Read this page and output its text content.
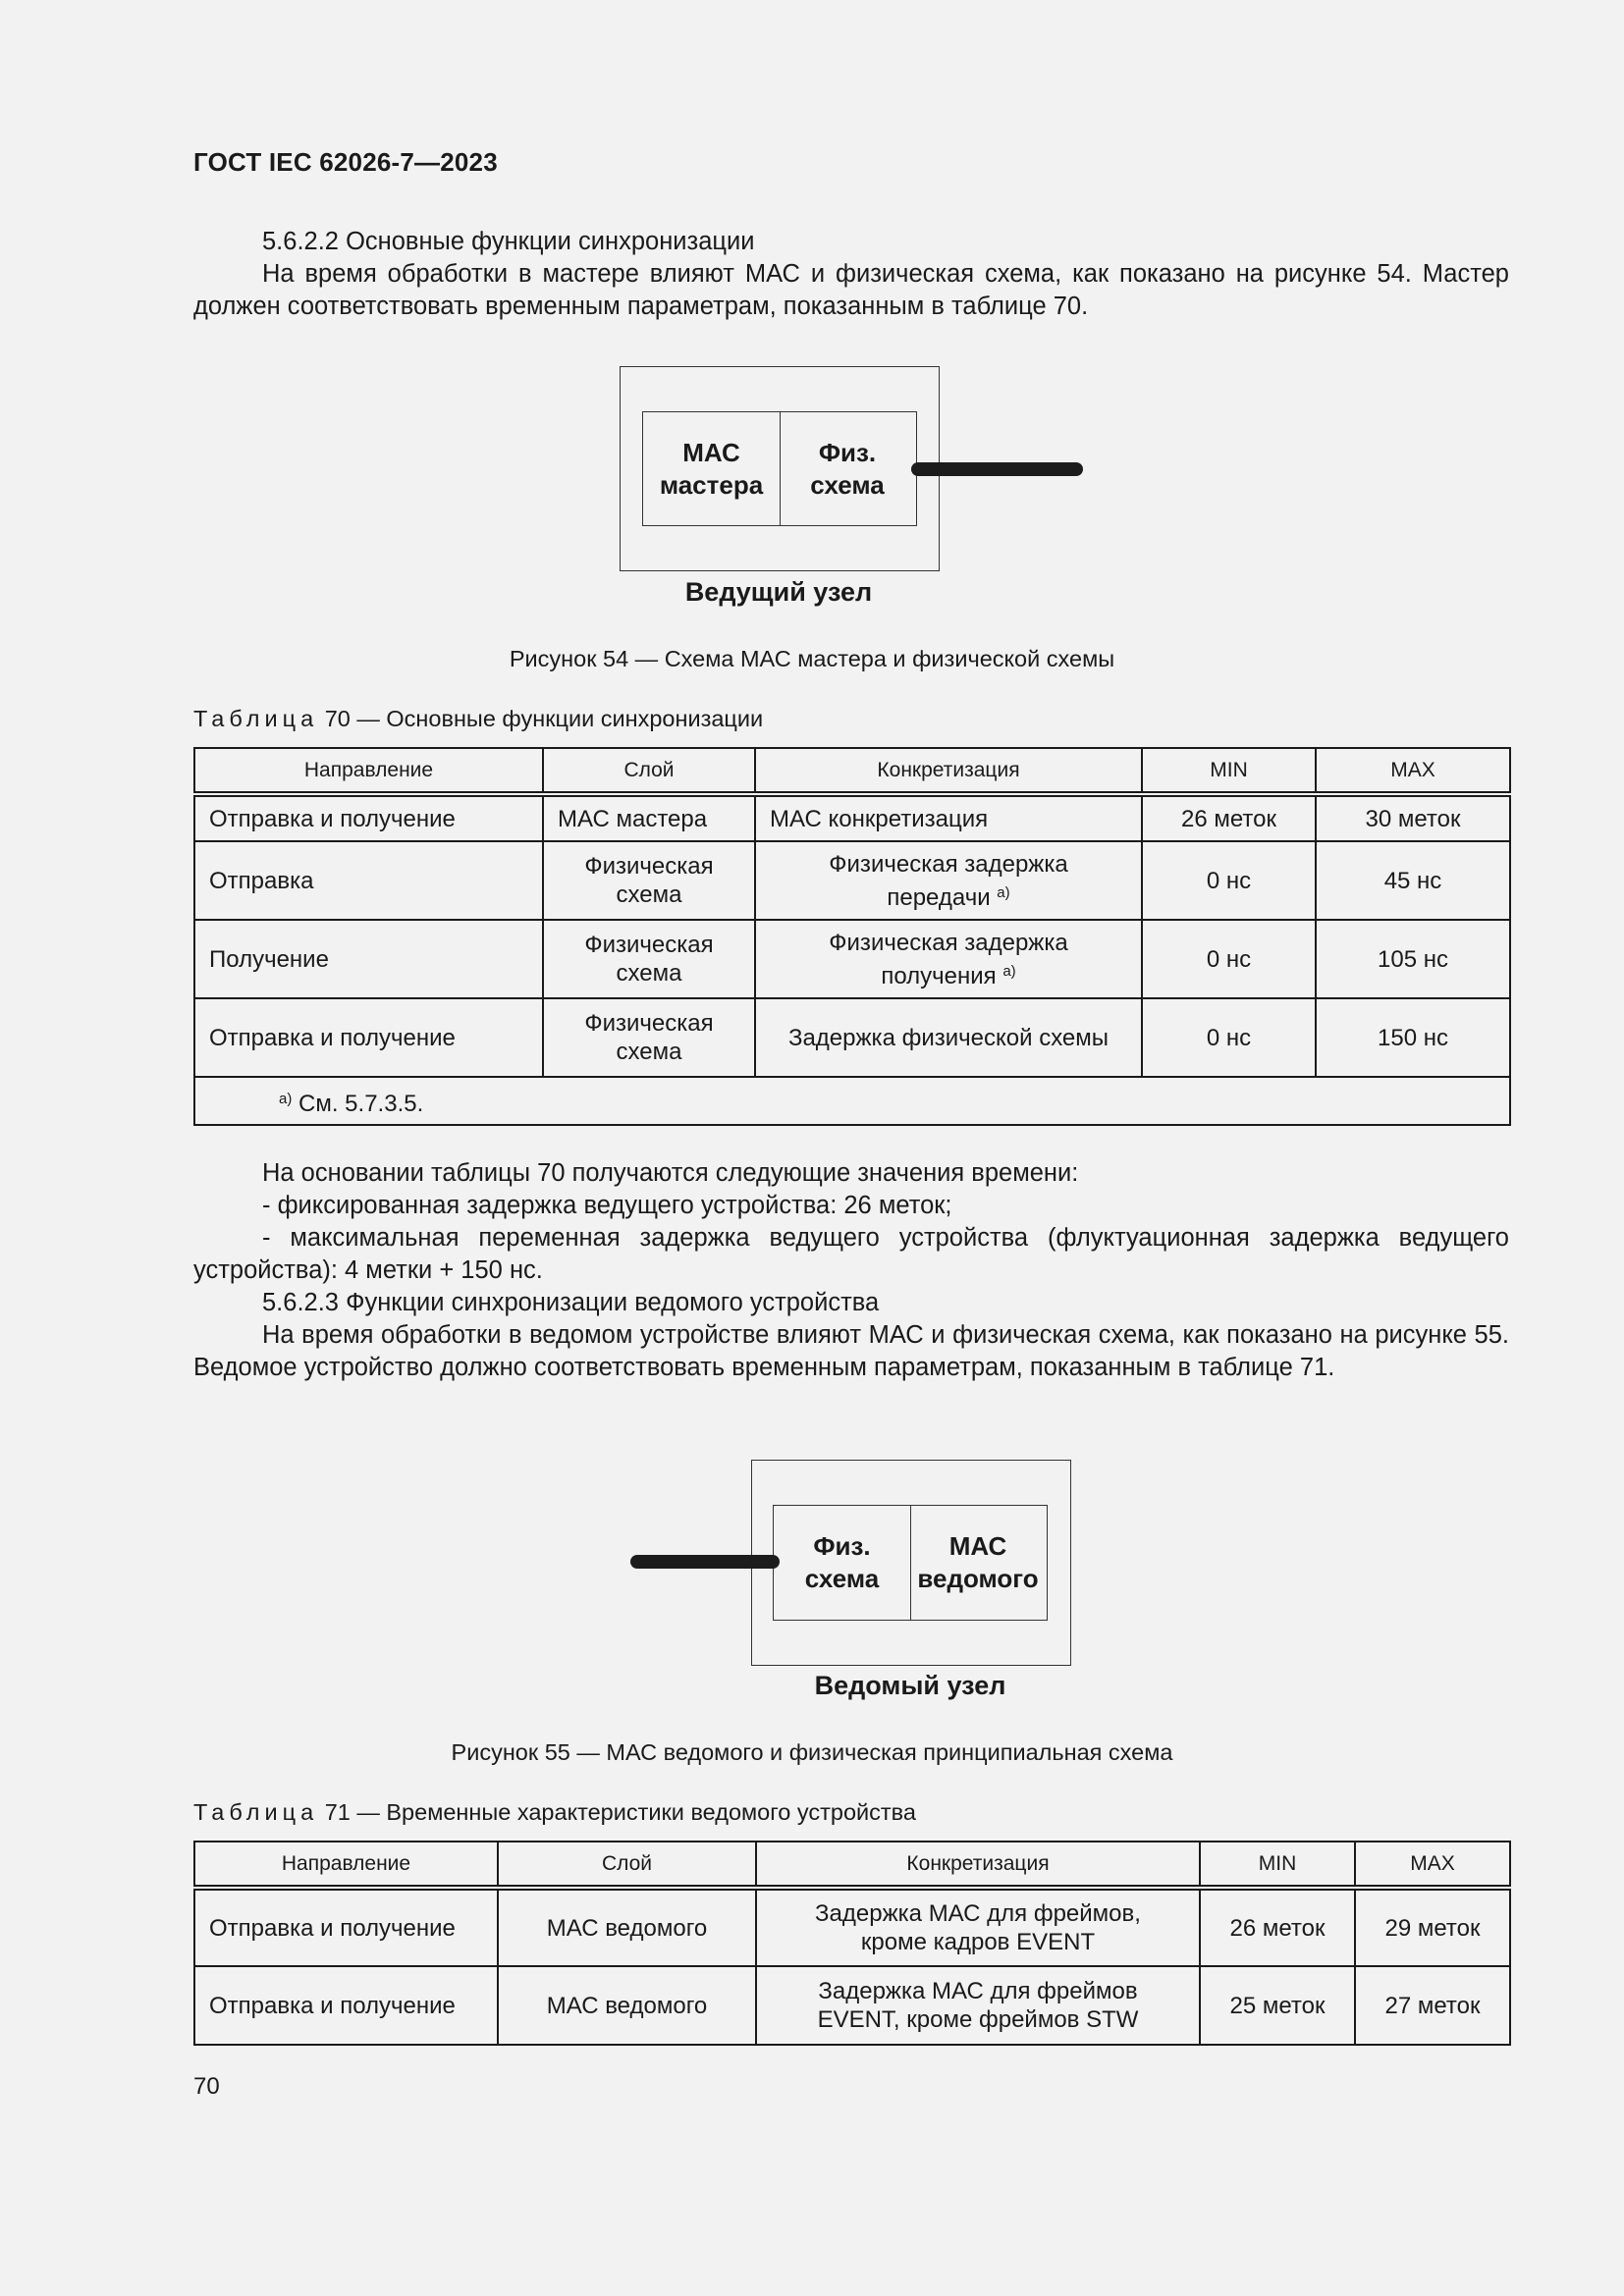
ГОСТ IEC 62026-7—2023

5.6.2.2 Основные функции синхронизации

На время обработки в мастере влияют МАС и физическая схема, как показано на рисунке 54. Мастер должен соответствовать временным параметрам, показанным в таблице 70.

МАС мастера
Физ. схема
Ведущий узел
Рисунок 54 — Схема МАС мастера и физической схемы
Таблица 70 — Основные функции синхронизации
Направление	Слой	Конкретизация	MIN	MAX
Отправка и получение	МАС мастера	МАС конкретизация	26 меток	30 меток
Отправка	Физическая схема	Физическая задержка передачи $^{a)}$	0 нс	45 нс
Получение	Физическая схема	Физическая задержка получения $^{a)}$	0 нс	105 нс
Отправка и получение	Физическая схема	Задержка физической схемы	0 нс	150 нс
$^{a)}$ См. 5.7.3.5.				

На основании таблицы 70 получаются следующие значения времени:

- фиксированная задержка ведущего устройства: 26 меток;

- максимальная переменная задержка ведущего устройства (флуктуационная задержка ведущего устройства): 4 метки + 150 нс.

5.6.2.3 Функции синхронизации ведомого устройства

На время обработки в ведомом устройстве влияют МАС и физическая схема, как показано на рисунке 55. Ведомое устройство должно соответствовать временным параметрам, показанным в таблице 71.

Физ. схема
МАС ведомого
Ведомый узел
Рисунок 55 — МАС ведомого и физическая принципиальная схема
Таблица 71 — Временные характеристики ведомого устройства
Направление	Слой	Конкретизация	MIN	MAX
Отправка и получение	МАС ведомого	Задержка МАС для фреймов, кроме кадров EVENT	26 меток	29 меток
Отправка и получение	МАС ведомого	Задержка МАС для фреймов EVENT, кроме фреймов STW	25 меток	27 меток
70
